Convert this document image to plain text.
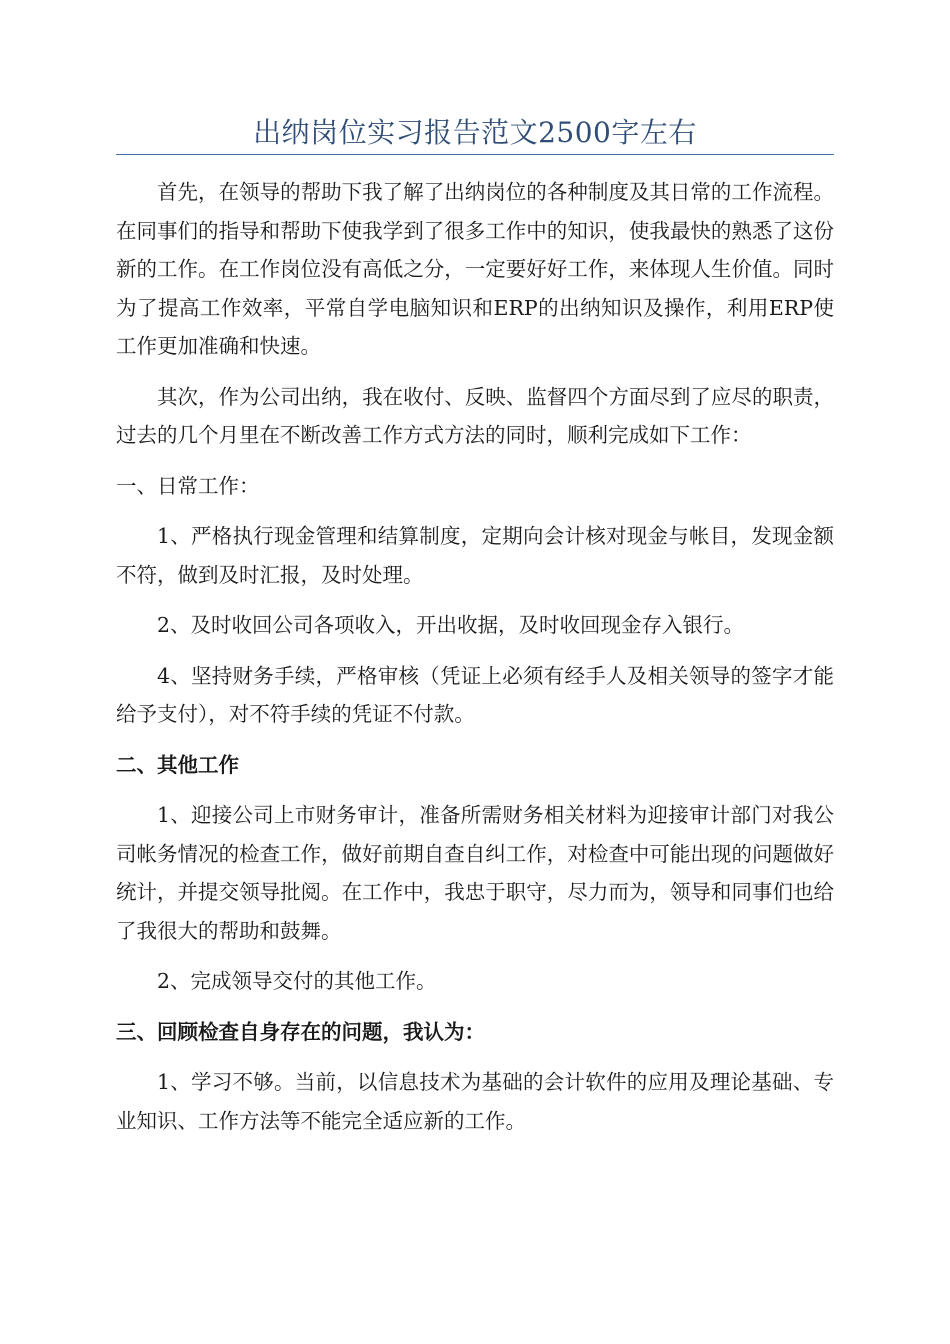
出纳岗位实习报告范文2500字左右

首先，在领导的帮助下我了解了出纳岗位的各种制度及其日常的工作流程。在同事们的指导和帮助下使我学到了很多工作中的知识，使我最快的熟悉了这份新的工作。在工作岗位没有高低之分，一定要好好工作，来体现人生价值。同时为了提高工作效率，平常自学电脑知识和ERP的出纳知识及操作，利用ERP使工作更加准确和快速。

其次，作为公司出纳，我在收付、反映、监督四个方面尽到了应尽的职责，过去的几个月里在不断改善工作方式方法的同时，顺利完成如下工作：

一、日常工作：

1、严格执行现金管理和结算制度，定期向会计核对现金与帐目，发现金额不符，做到及时汇报，及时处理。

2、及时收回公司各项收入，开出收据，及时收回现金存入银行。

4、坚持财务手续，严格审核（凭证上必须有经手人及相关领导的签字才能给予支付），对不符手续的凭证不付款。

二、其他工作

1、迎接公司上市财务审计，准备所需财务相关材料为迎接审计部门对我公司帐务情况的检查工作，做好前期自查自纠工作，对检查中可能出现的问题做好统计，并提交领导批阅。在工作中，我忠于职守，尽力而为，领导和同事们也给了我很大的帮助和鼓舞。

2、完成领导交付的其他工作。

三、回顾检查自身存在的问题，我认为：

1、学习不够。当前，以信息技术为基础的会计软件的应用及理论基础、专业知识、工作方法等不能完全适应新的工作。
